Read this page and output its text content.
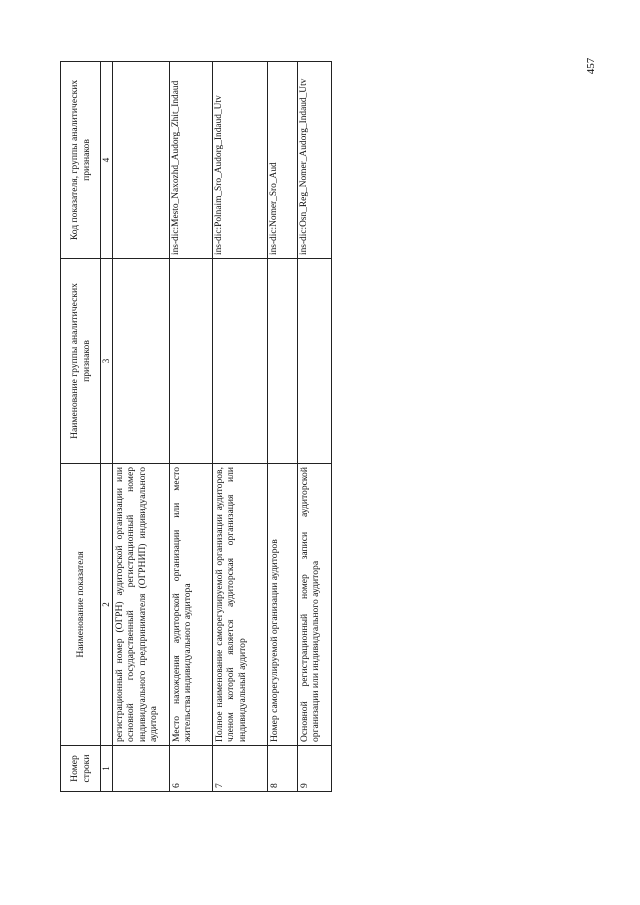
457
Номер строки	Наименование показателя	Наименование группы аналитических признаков	Код показателя, группы аналитических признаков
1	2	3	4
	регистрационный номер (ОГРН) аудиторской организации или основной государственный регистрационный номер индивидуального предпринимателя (ОГРНИП) индивидуального аудитора		
6	Место нахождения аудиторской организации или место жительства индивидуального аудитора		ins-dic:Mesto_Naxozhd_Audorg_Zhit_Indaud
7	Полное наименование саморегулируемой организации аудиторов, членом которой является аудиторская организация или индивидуальный аудитор		ins-dic:Polnaim_Sro_Audorg_Indaud_Utv
8	Номер саморегулируемой организации аудиторов		ins-dic:Nomer_Sro_Aud
9	Основной регистрационный номер записи аудиторской организации или индивидуального аудитора		ins-dic:Osn_Reg_Nomer_Audorg_Indaud_Utv
